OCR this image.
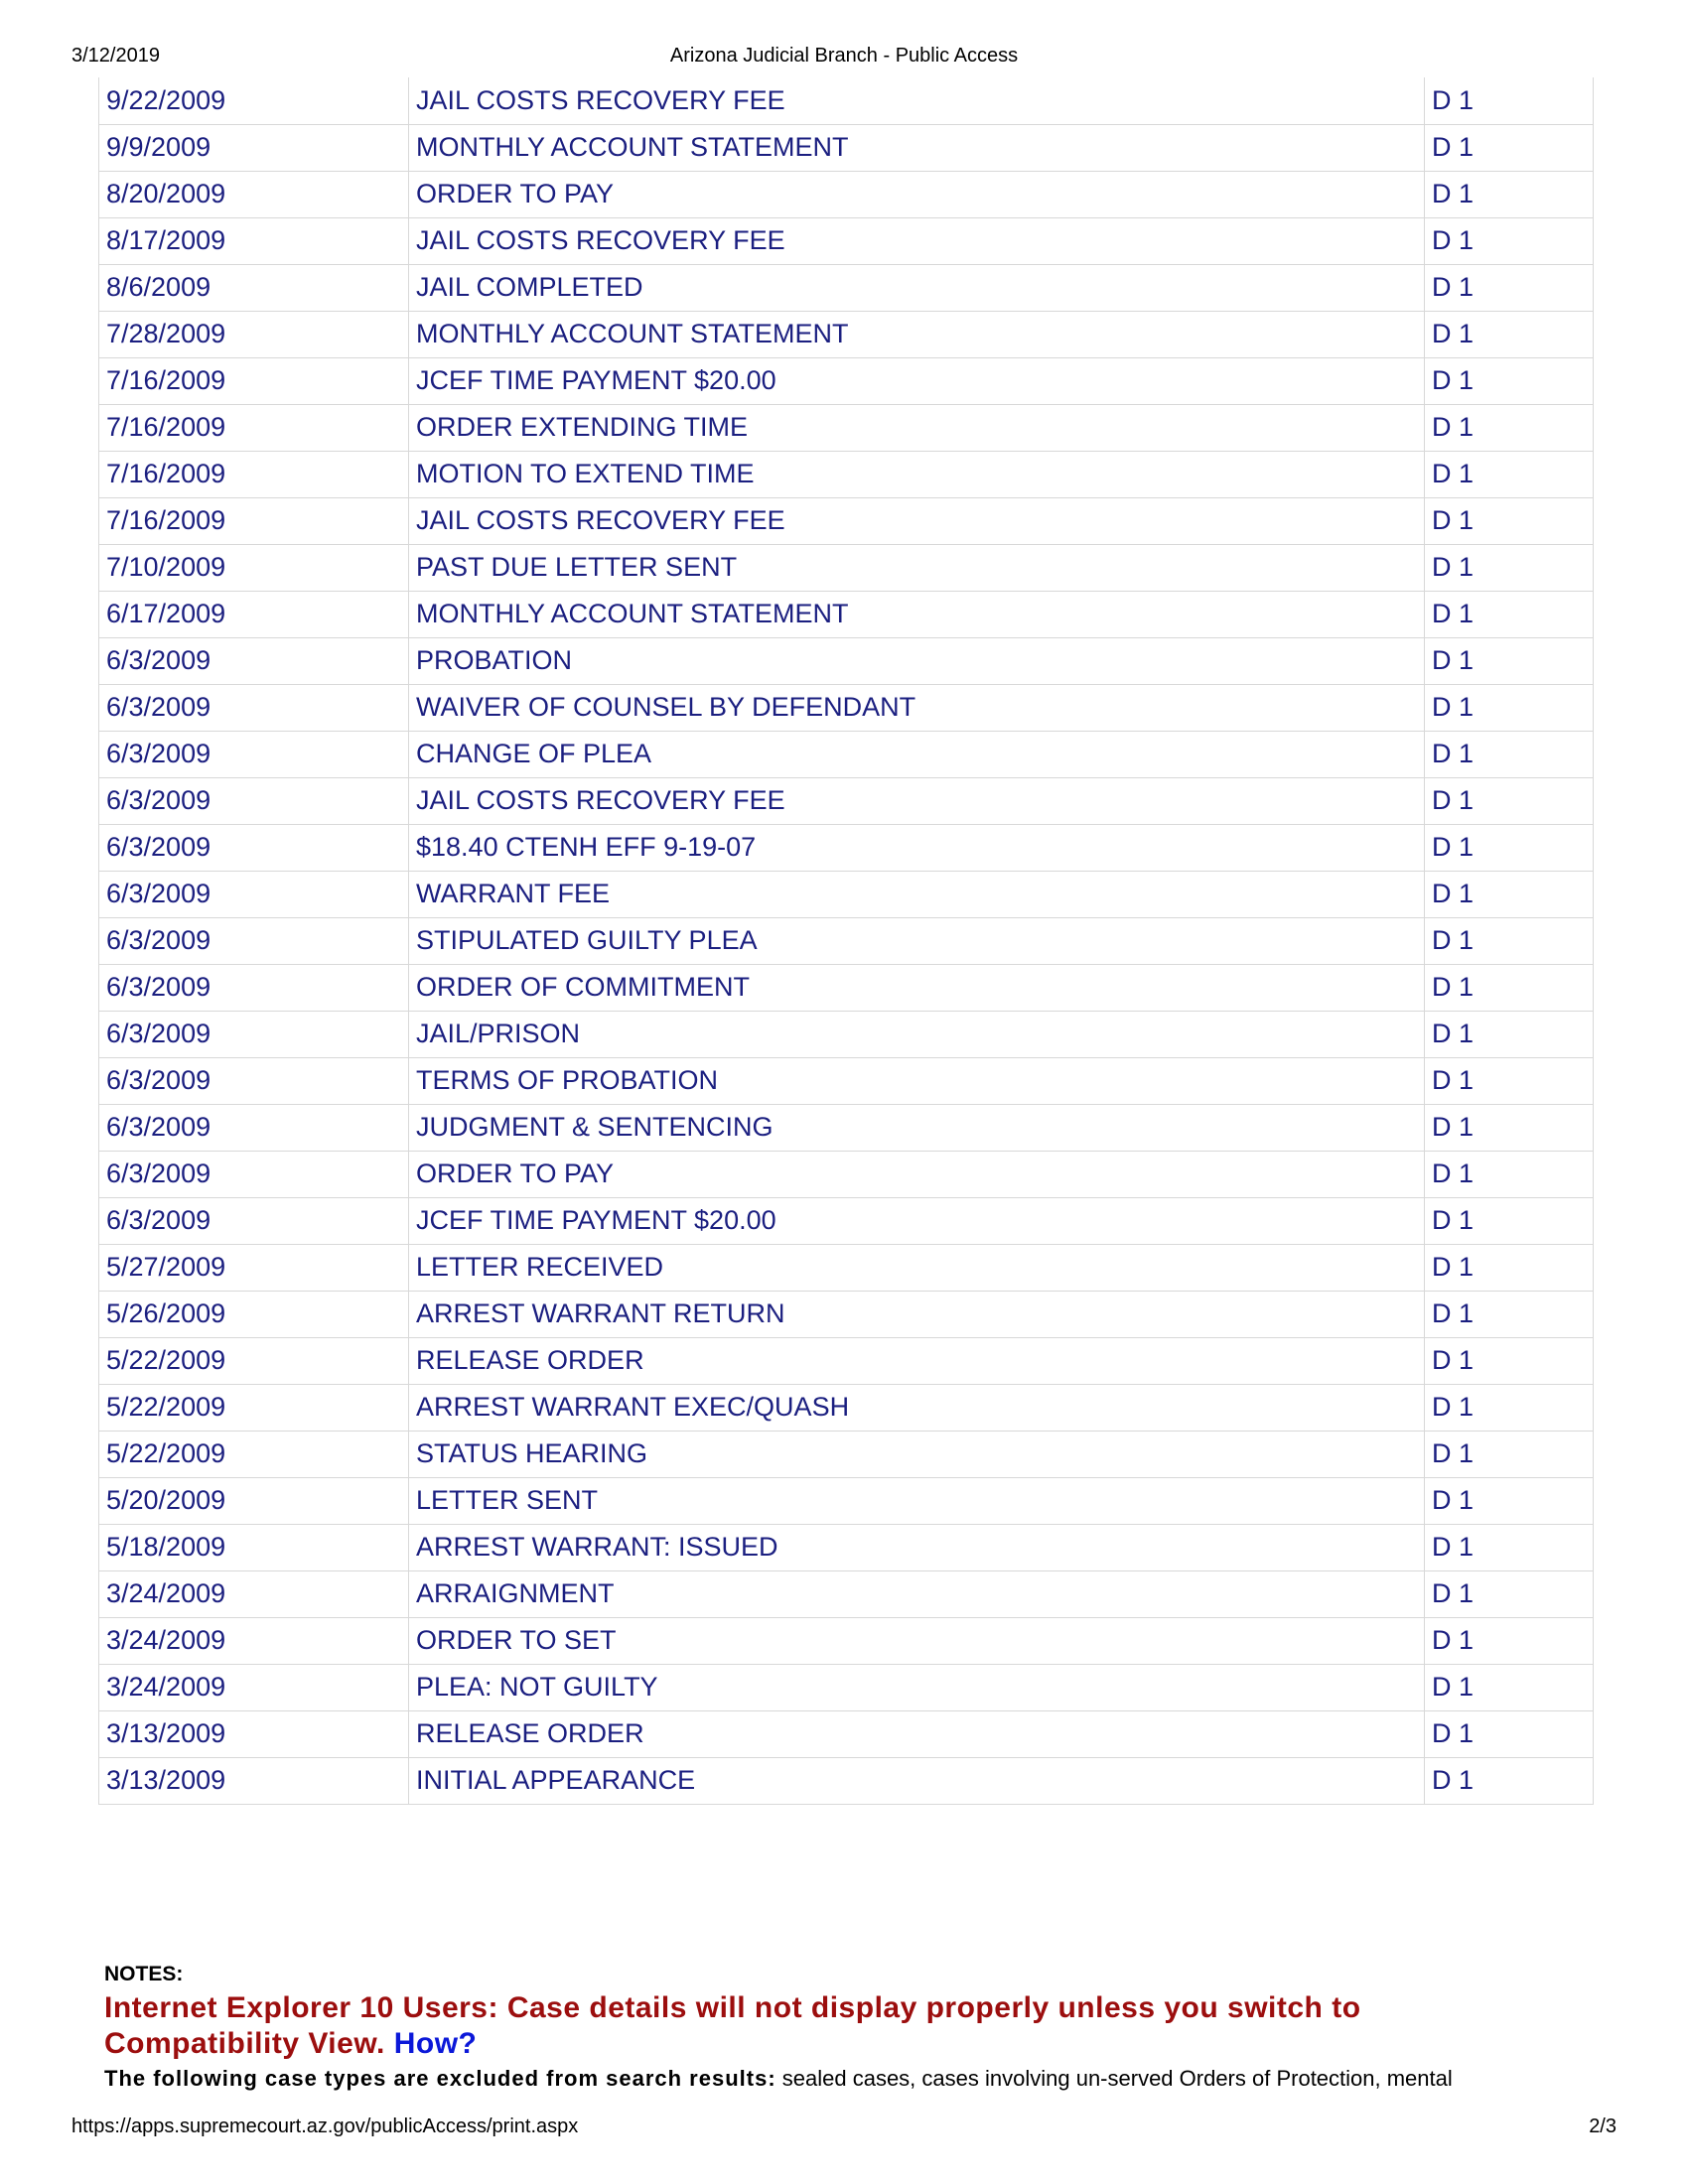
3/12/2019	Arizona Judicial Branch - Public Access
9/22/2009	JAIL COSTS RECOVERY FEE	D 1
9/9/2009	MONTHLY ACCOUNT STATEMENT	D 1
8/20/2009	ORDER TO PAY	D 1
8/17/2009	JAIL COSTS RECOVERY FEE	D 1
8/6/2009	JAIL COMPLETED	D 1
7/28/2009	MONTHLY ACCOUNT STATEMENT	D 1
7/16/2009	JCEF TIME PAYMENT $20.00	D 1
7/16/2009	ORDER EXTENDING TIME	D 1
7/16/2009	MOTION TO EXTEND TIME	D 1
7/16/2009	JAIL COSTS RECOVERY FEE	D 1
7/10/2009	PAST DUE LETTER SENT	D 1
6/17/2009	MONTHLY ACCOUNT STATEMENT	D 1
6/3/2009	PROBATION	D 1
6/3/2009	WAIVER OF COUNSEL BY DEFENDANT	D 1
6/3/2009	CHANGE OF PLEA	D 1
6/3/2009	JAIL COSTS RECOVERY FEE	D 1
6/3/2009	$18.40 CTENH EFF 9-19-07	D 1
6/3/2009	WARRANT FEE	D 1
6/3/2009	STIPULATED GUILTY PLEA	D 1
6/3/2009	ORDER OF COMMITMENT	D 1
6/3/2009	JAIL/PRISON	D 1
6/3/2009	TERMS OF PROBATION	D 1
6/3/2009	JUDGMENT & SENTENCING	D 1
6/3/2009	ORDER TO PAY	D 1
6/3/2009	JCEF TIME PAYMENT $20.00	D 1
5/27/2009	LETTER RECEIVED	D 1
5/26/2009	ARREST WARRANT RETURN	D 1
5/22/2009	RELEASE ORDER	D 1
5/22/2009	ARREST WARRANT EXEC/QUASH	D 1
5/22/2009	STATUS HEARING	D 1
5/20/2009	LETTER SENT	D 1
5/18/2009	ARREST WARRANT: ISSUED	D 1
3/24/2009	ARRAIGNMENT	D 1
3/24/2009	ORDER TO SET	D 1
3/24/2009	PLEA: NOT GUILTY	D 1
3/13/2009	RELEASE ORDER	D 1
3/13/2009	INITIAL APPEARANCE	D 1
NOTES:
Internet Explorer 10 Users: Case details will not display properly unless you switch to
Compatibility View. How?
The following case types are excluded from search results: sealed cases, cases involving un-served Orders of Protection, mental
https://apps.supremecourt.az.gov/publicAccess/print.aspx	2/3
